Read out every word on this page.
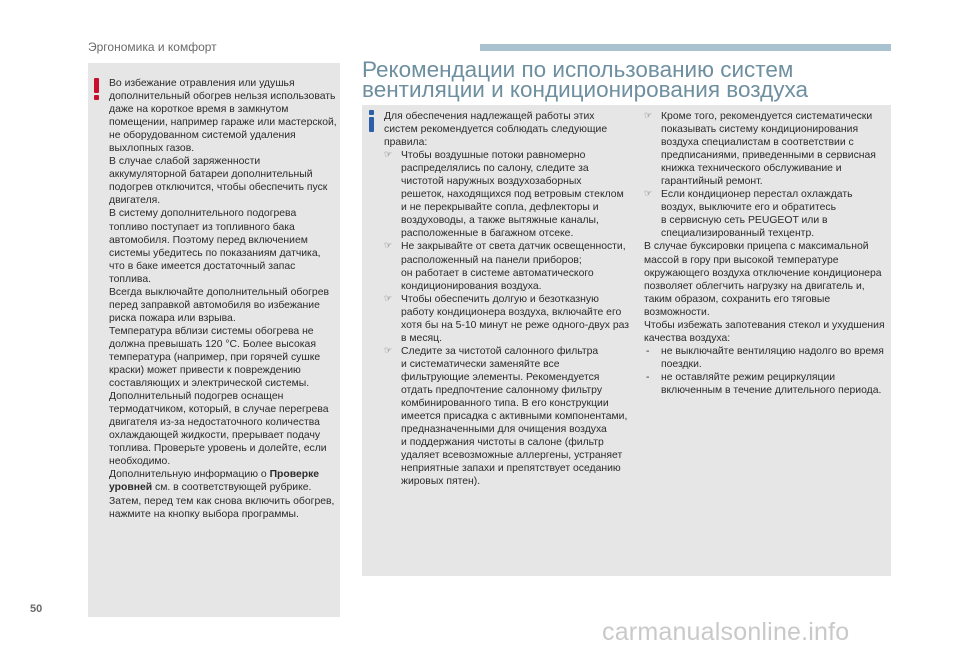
Эргономика и комфорт

Во избежание отравления или удушья

дополнительный обогрев нельзя использовать

даже на короткое время в замкнутом

помещении, например гараже или мастерской,

не оборудованном системой удаления

выхлопных газов.

В случае слабой заряженности

аккумуляторной батареи дополнительный

подогрев отключится, чтобы обеспечить пуск

двигателя.

В систему дополнительного подогрева

топливо поступает из топливного бака

автомобиля. Поэтому перед включением

системы убедитесь по показаниям датчика,

что в баке имеется достаточный запас

топлива.

Всегда выключайте дополнительный обогрев

перед заправкой автомобиля во избежание

риска пожара или взрыва.

Температура вблизи системы обогрева не

должна превышать 120 °C. Более высокая

температура (например, при горячей сушке

краски) может привести к повреждению

составляющих и электрической системы.

Дополнительный подогрев оснащен

термодатчиком, который, в случае перегрева

двигателя из-за недостаточного количества

охлаждающей жидкости, прерывает подачу

топлива. Проверьте уровень и долейте, если

необходимо.

Дополнительную информацию о Проверке

уровней см. в соответствующей рубрике.

Затем, перед тем как снова включить обогрев,

нажмите на кнопку выбора программы.

Рекомендации по использованию систем
вентиляции и кондиционирования воздуха

Для обеспечения надлежащей работы этих

систем рекомендуется соблюдать следующие

правила:

☞ Чтобы воздушные потоки равномерно

распределялись по салону, следите за

чистотой наружных воздухозаборных

решеток, находящихся под ветровым стеклом

и не перекрывайте сопла, дефлекторы и

воздуховоды, а также вытяжные каналы,

расположенные в багажном отсеке.

☞ Не закрывайте от света датчик освещенности,

расположенный на панели приборов;

он работает в системе автоматического

кондиционирования воздуха.

☞ Чтобы обеспечить долгую и безотказную

работу кондиционера воздуха, включайте его

хотя бы на 5-10 минут не реже одного-двух раз

в месяц.

☞ Следите за чистотой салонного фильтра

и систематически заменяйте все

фильтрующие элементы. Рекомендуется

отдать предпочтение салонному фильтру

комбинированного типа. В его конструкции

имеется присадка с активными компонентами,

предназначенными для очищения воздуха

и поддержания чистоты в салоне (фильтр

удаляет всевозможные аллергены, устраняет

неприятные запахи и препятствует оседанию

жировых пятен).

☞ Кроме того, рекомендуется систематически

показывать систему кондиционирования

воздуха специалистам в соответствии с

предписаниями, приведенными в сервисная

книжка технического обслуживание и

гарантийный ремонт.

☞ Если кондиционер перестал охлаждать

воздух, выключите его и обратитесь

в сервисную сеть PEUGEOT или в

специализированный техцентр.

В случае буксировки прицепа с максимальной

массой в гору при высокой температуре

окружающего воздуха отключение кондиционера

позволяет облегчить нагрузку на двигатель и,

таким образом, сохранить его тяговые

возможности.

Чтобы избежать запотевания стекол и ухудшения

качества воздуха:

- не выключайте вентиляцию надолго во время

поездки.

- не оставляйте режим рециркуляции

включенным в течение длительного периода.

50
carmanualsonline.info
